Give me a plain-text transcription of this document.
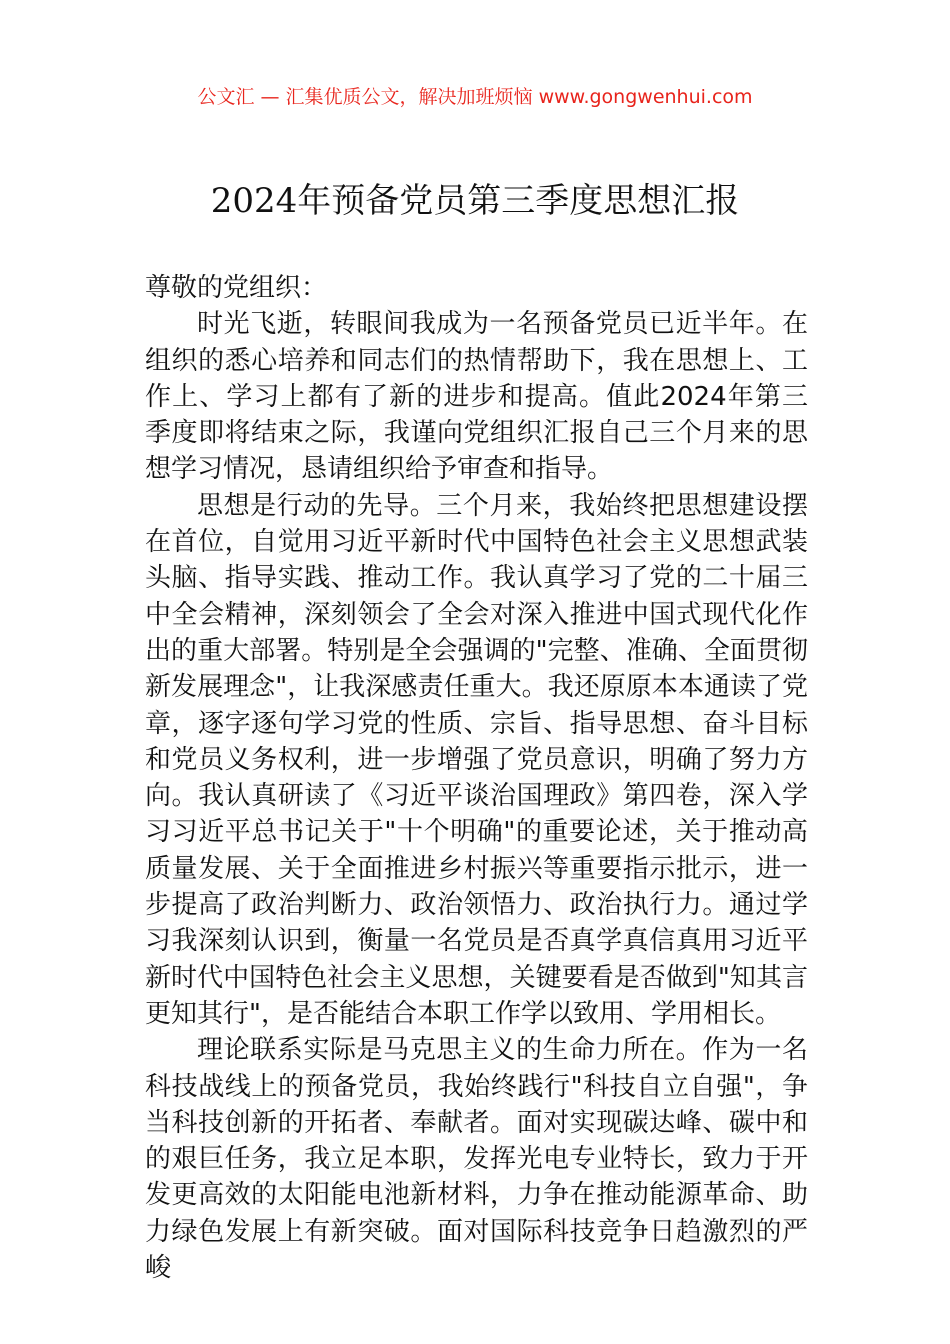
公文汇 — 汇集优质公文，解决加班烦恼 www.gongwenhui.com
2024年预备党员第三季度思想汇报

尊敬的党组织：

时光飞逝，转眼间我成为一名预备党员已近半年。在组织的悉心培养和同志们的热情帮助下，我在思想上、工作上、学习上都有了新的进步和提高。值此2024年第三季度即将结束之际，我谨向党组织汇报自己三个月来的思想学习情况，恳请组织给予审查和指导。

思想是行动的先导。三个月来，我始终把思想建设摆在首位，自觉用习近平新时代中国特色社会主义思想武装头脑、指导实践、推动工作。我认真学习了党的二十届三中全会精神，深刻领会了全会对深入推进中国式现代化作出的重大部署。特别是全会强调的"完整、准确、全面贯彻新发展理念"，让我深感责任重大。我还原原本本通读了党章，逐字逐句学习党的性质、宗旨、指导思想、奋斗目标和党员义务权利，进一步增强了党员意识，明确了努力方向。我认真研读了《习近平谈治国理政》第四卷，深入学习习近平总书记关于"十个明确"的重要论述，关于推动高质量发展、关于全面推进乡村振兴等重要指示批示，进一步提高了政治判断力、政治领悟力、政治执行力。通过学习我深刻认识到，衡量一名党员是否真学真信真用习近平新时代中国特色社会主义思想，关键要看是否做到"知其言更知其行"，是否能结合本职工作学以致用、学用相长。

理论联系实际是马克思主义的生命力所在。作为一名科技战线上的预备党员，我始终践行"科技自立自强"，争当科技创新的开拓者、奉献者。面对实现碳达峰、碳中和的艰巨任务，我立足本职，发挥光电专业特长，致力于开发更高效的太阳能电池新材料，力争在推动能源革命、助力绿色发展上有新突破。面对国际科技竞争日趋激烈的严峻
